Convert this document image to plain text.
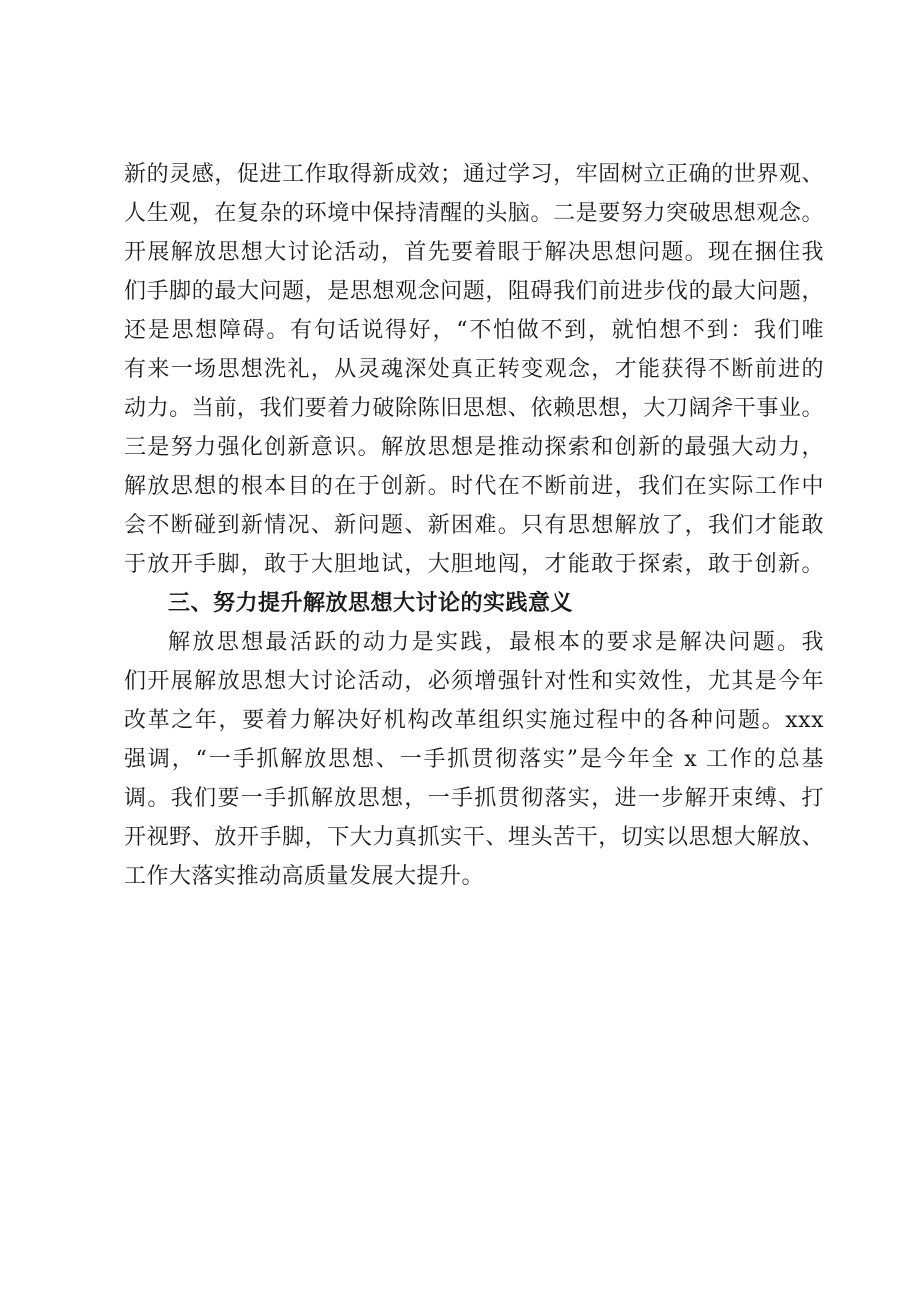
新的灵感，促进工作取得新成效；通过学习，牢固树立正确的世界观、
人生观，在复杂的环境中保持清醒的头脑。二是要努力突破思想观念。
开展解放思想大讨论活动，首先要着眼于解决思想问题。现在捆住我
们手脚的最大问题，是思想观念问题，阻碍我们前进步伐的最大问题，
还是思想障碍。有句话说得好，“不怕做不到，就怕想不到：我们唯
有来一场思想洗礼，从灵魂深处真正转变观念，才能获得不断前进的
动力。当前，我们要着力破除陈旧思想、依赖思想，大刀阔斧干事业。
三是努力强化创新意识。解放思想是推动探索和创新的最强大动力，
解放思想的根本目的在于创新。时代在不断前进，我们在实际工作中
会不断碰到新情况、新问题、新困难。只有思想解放了，我们才能敢
于放开手脚，敢于大胆地试，大胆地闯，才能敢于探索，敢于创新。
三、努力提升解放思想大讨论的实践意义
解放思想最活跃的动力是实践，最根本的要求是解决问题。我
们开展解放思想大讨论活动，必须增强针对性和实效性，尤其是今年
改革之年，要着力解决好机构改革组织实施过程中的各种问题。xxx
强调，“一手抓解放思想、一手抓贯彻落实”是今年全 x 工作的总基
调。我们要一手抓解放思想，一手抓贯彻落实，进一步解开束缚、打
开视野、放开手脚，下大力真抓实干、埋头苦干，切实以思想大解放、
工作大落实推动高质量发展大提升。
